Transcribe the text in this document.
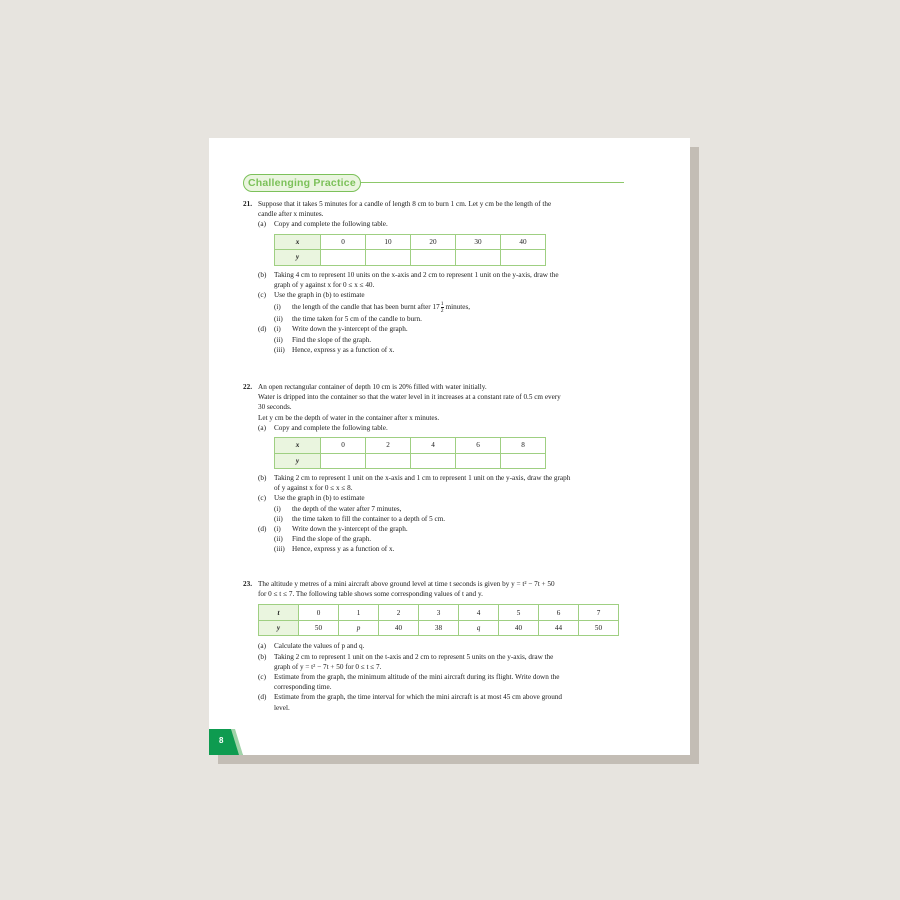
Challenging Practice
21. Suppose that it takes 5 minutes for a candle of length 8 cm to burn 1 cm. Let y cm be the length of the
candle after x minutes.
(a) Copy and complete the following table.
x	0	10	20	30	40
y					
(b) Taking 4 cm to represent 10 units on the x-axis and 2 cm to represent 1 unit on the y-axis, draw the
graph of y against x for 0 ≤ x ≤ 40.
(c) Use the graph in (b) to estimate
(i) the length of the candle that has been burnt after $17 \frac{1}{2}$ minutes,
(ii) the time taken for 5 cm of the candle to burn.
(d) (i) Write down the y-intercept of the graph.
(ii) Find the slope of the graph.
(iii) Hence, express y as a function of x.
22. An open rectangular container of depth 10 cm is 20% filled with water initially.
Water is dripped into the container so that the water level in it increases at a constant rate of 0.5 cm every
30 seconds.
Let y cm be the depth of water in the container after x minutes.
(a) Copy and complete the following table.
x	0	2	4	6	8
y					
(b) Taking 2 cm to represent 1 unit on the x-axis and 1 cm to represent 1 unit on the y-axis, draw the graph
of y against x for 0 ≤ x ≤ 8.
(c) Use the graph in (b) to estimate
(i) the depth of the water after 7 minutes,
(ii) the time taken to fill the container to a depth of 5 cm.
(d) (i) Write down the y-intercept of the graph.
(ii) Find the slope of the graph.
(iii) Hence, express y as a function of x.
23. The altitude y metres of a mini aircraft above ground level at time t seconds is given by y = t² − 7t + 50
for 0 ≤ t ≤ 7. The following table shows some corresponding values of t and y.
t	0	1	2	3	4	5	6	7
y	50	p	40	38	q	40	44	50
(a) Calculate the values of p and q.
(b) Taking 2 cm to represent 1 unit on the t-axis and 2 cm to represent 5 units on the y-axis, draw the
graph of y = t² − 7t + 50 for 0 ≤ t ≤ 7.
(c) Estimate from the graph, the minimum altitude of the mini aircraft during its flight. Write down the
corresponding time.
(d) Estimate from the graph, the time interval for which the mini aircraft is at most 45 cm above ground
level.
8
